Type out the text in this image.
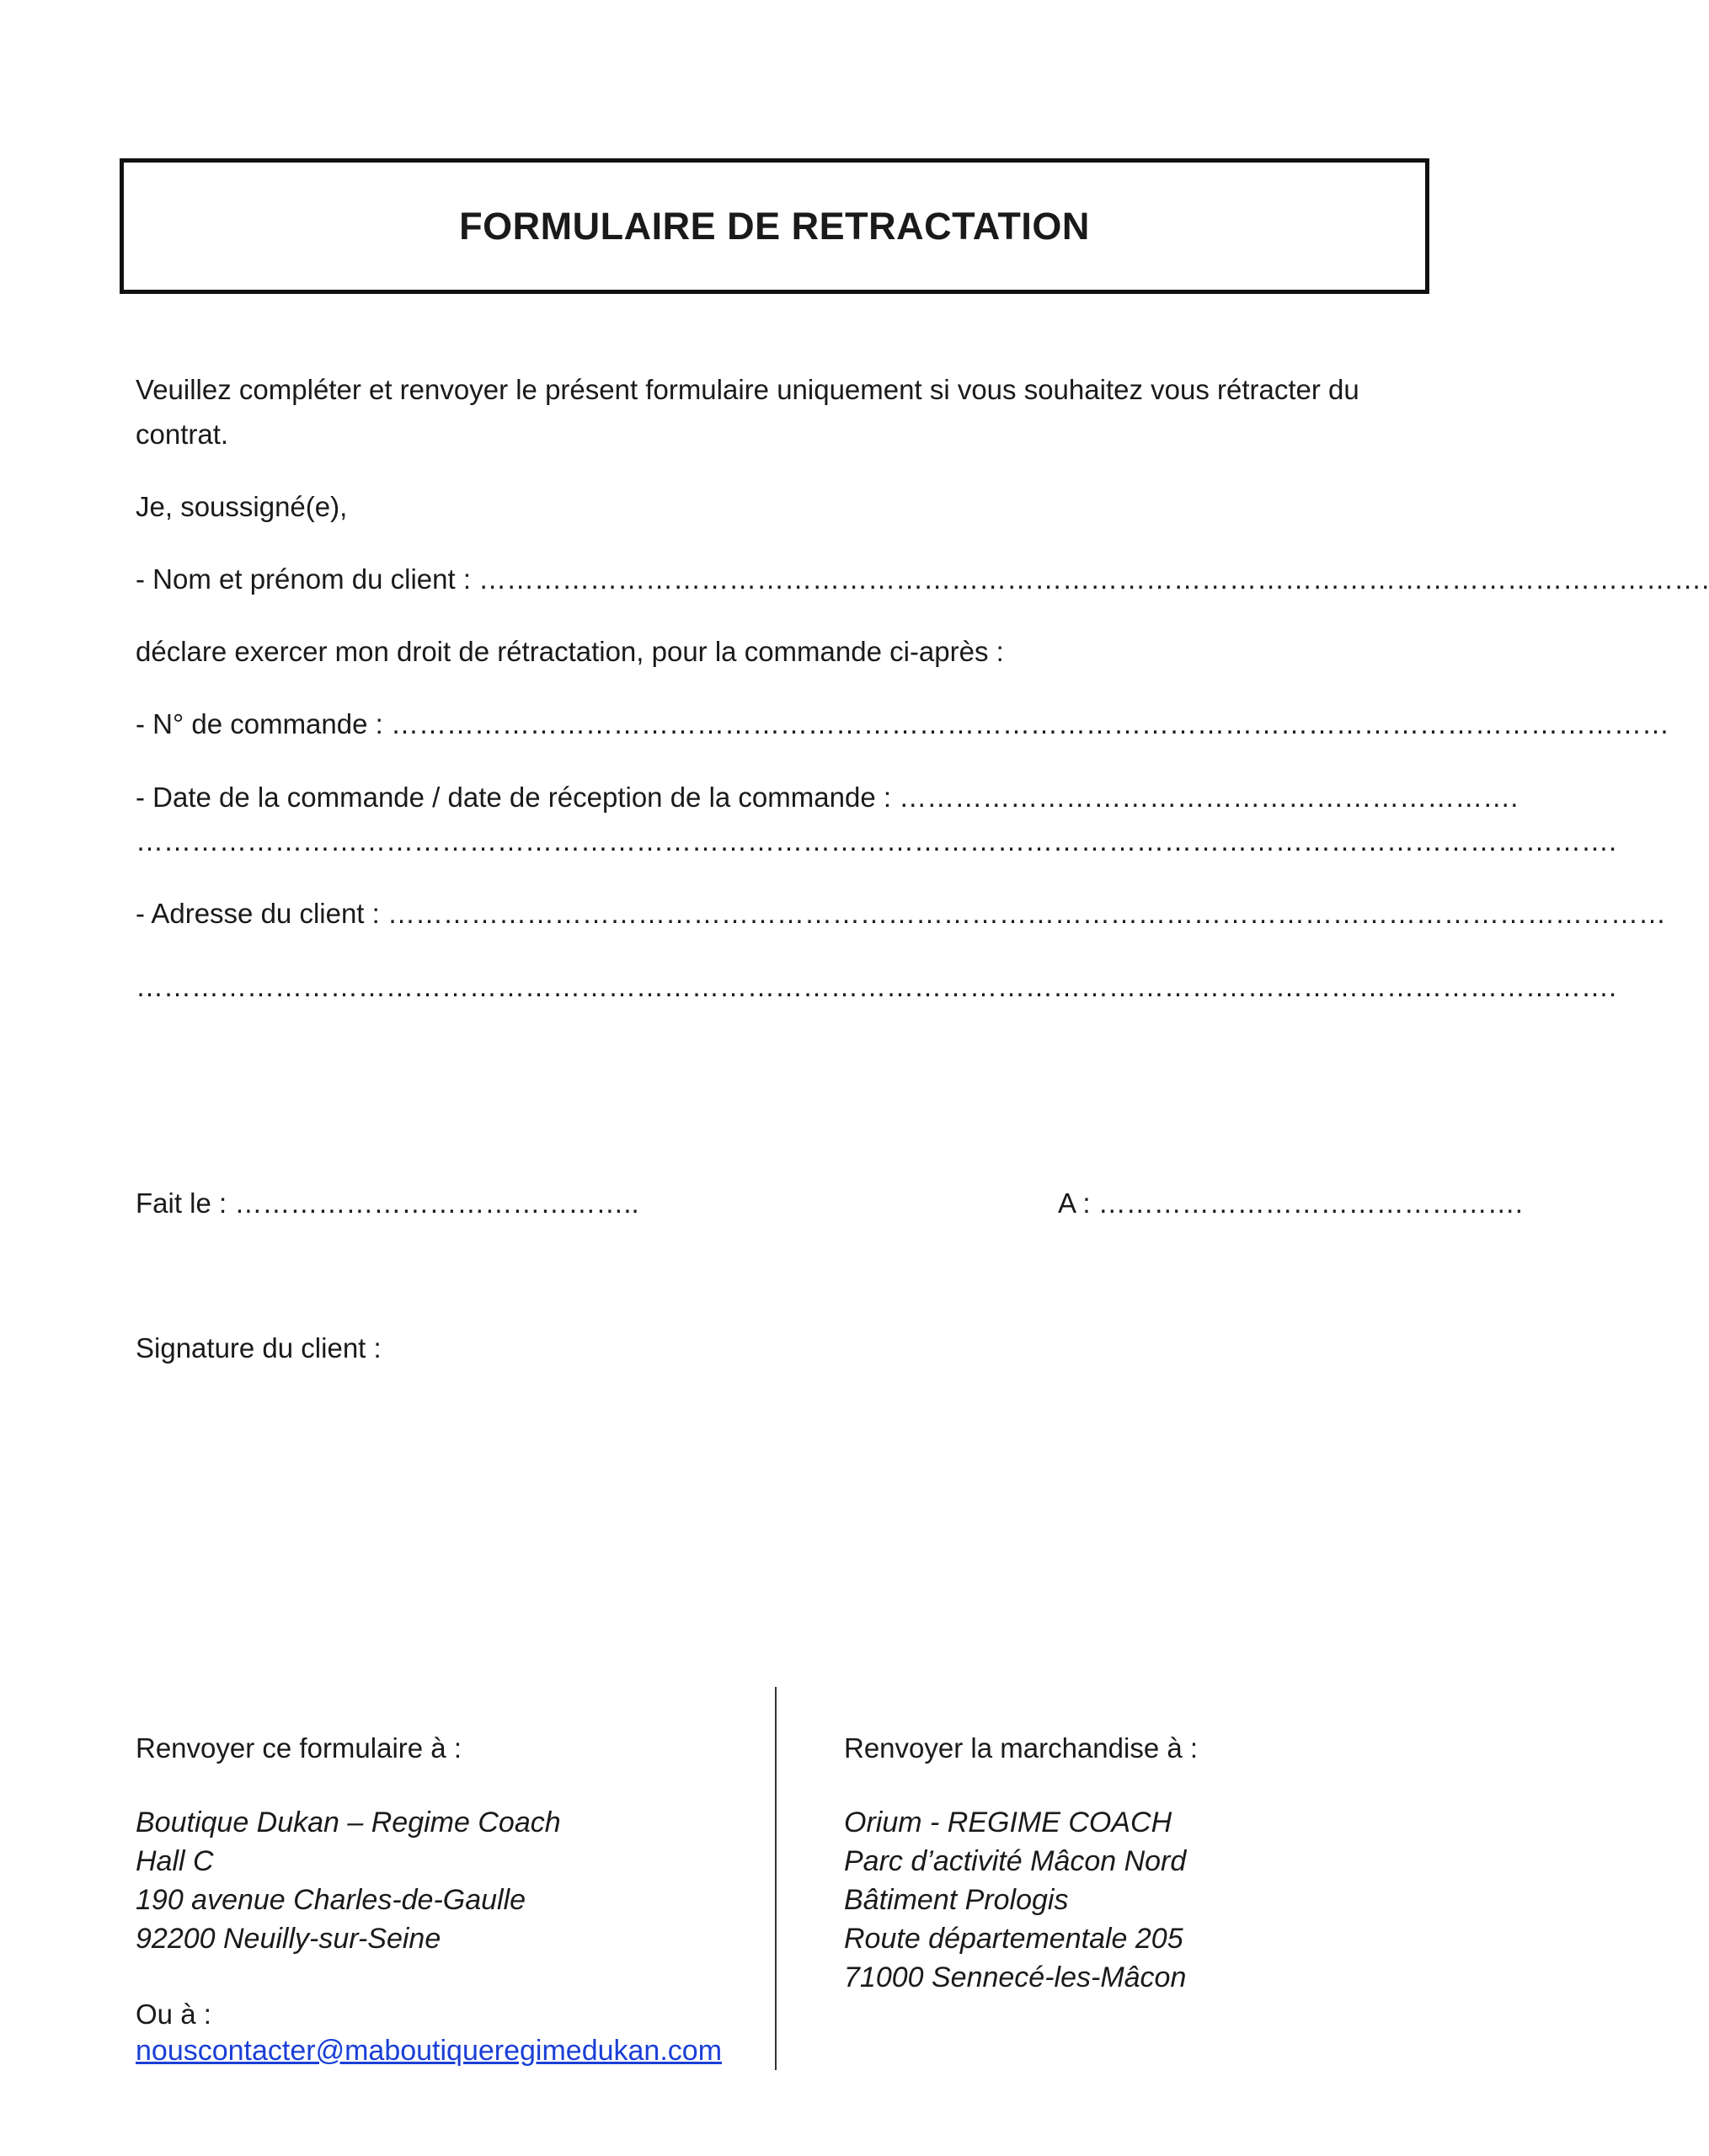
FORMULAIRE DE RETRACTATION
Veuillez compléter et renvoyer le présent formulaire uniquement si vous souhaitez vous rétracter du
contrat.
Je, soussigné(e),
- Nom et prénom du client : …………………………………………………………………………………………………………………….
déclare exercer mon droit de rétractation, pour la commande ci-après :
- N° de commande : …………………………………………………………………………………………………………………………
- Date de la commande / date de réception de la commande : ………………………………………………………….
…………………………………………………………………………………………………………………………………………….
- Adresse du client : …………………………………………………………………………………………………………………………
…………………………………………………………………………………………………………………………………………….
Fait le : ……………………………………..	A : ……………………………………….
Signature du client :
Renvoyer ce formulaire à :
Boutique Dukan – Regime Coach
Hall C
190 avenue Charles-de-Gaulle
92200 Neuilly-sur-Seine
Ou à :
nouscontacter@maboutiqueregimedukan.com
Renvoyer la marchandise à :
Orium - REGIME COACH
Parc d’activité Mâcon Nord
Bâtiment Prologis
Route départementale 205
71000 Sennecé-les-Mâcon
